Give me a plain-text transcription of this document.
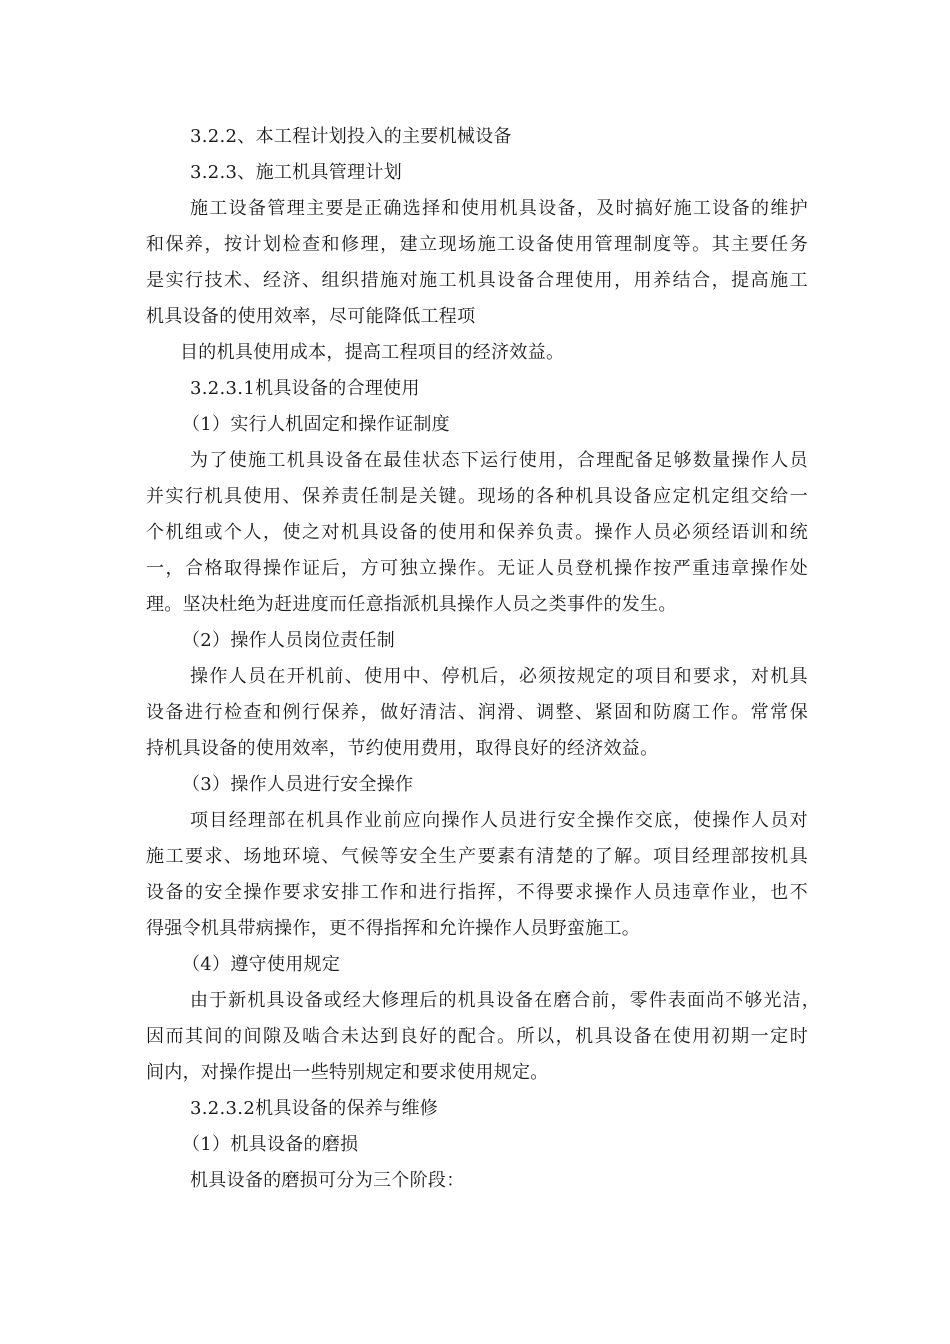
3.2.2、本工程计划投入的主要机械设备
3.2.3、施工机具管理计划
施工设备管理主要是正确选择和使用机具设备，及时搞好施工设备的维护
和保养，按计划检查和修理，建立现场施工设备使用管理制度等。其主要任务
是实行技术、经济、组织措施对施工机具设备合理使用，用养结合，提高施工
机具设备的使用效率，尽可能降低工程项
目的机具使用成本，提高工程项目的经济效益。
3.2.3.1机具设备的合理使用
（1）实行人机固定和操作证制度
为了使施工机具设备在最佳状态下运行使用，合理配备足够数量操作人员
并实行机具使用、保养责任制是关键。现场的各种机具设备应定机定组交给一
个机组或个人，使之对机具设备的使用和保养负责。操作人员必须经语训和统
一，合格取得操作证后，方可独立操作。无证人员登机操作按严重违章操作处
理。坚决杜绝为赶进度而任意指派机具操作人员之类事件的发生。
（2）操作人员岗位责任制
操作人员在开机前、使用中、停机后，必须按规定的项目和要求，对机具
设备进行检查和例行保养，做好清洁、润滑、调整、紧固和防腐工作。常常保
持机具设备的使用效率，节约使用费用，取得良好的经济效益。
（3）操作人员进行安全操作
项目经理部在机具作业前应向操作人员进行安全操作交底，使操作人员对
施工要求、场地环境、气候等安全生产要素有清楚的了解。项目经理部按机具
设备的安全操作要求安排工作和进行指挥，不得要求操作人员违章作业，也不
得强令机具带病操作，更不得指挥和允许操作人员野蛮施工。
（4）遵守使用规定
由于新机具设备或经大修理后的机具设备在磨合前，零件表面尚不够光洁，
因而其间的间隙及啮合未达到良好的配合。所以，机具设备在使用初期一定时
间内，对操作提出一些特别规定和要求使用规定。
3.2.3.2机具设备的保养与维修
（1）机具设备的磨损
机具设备的磨损可分为三个阶段：
